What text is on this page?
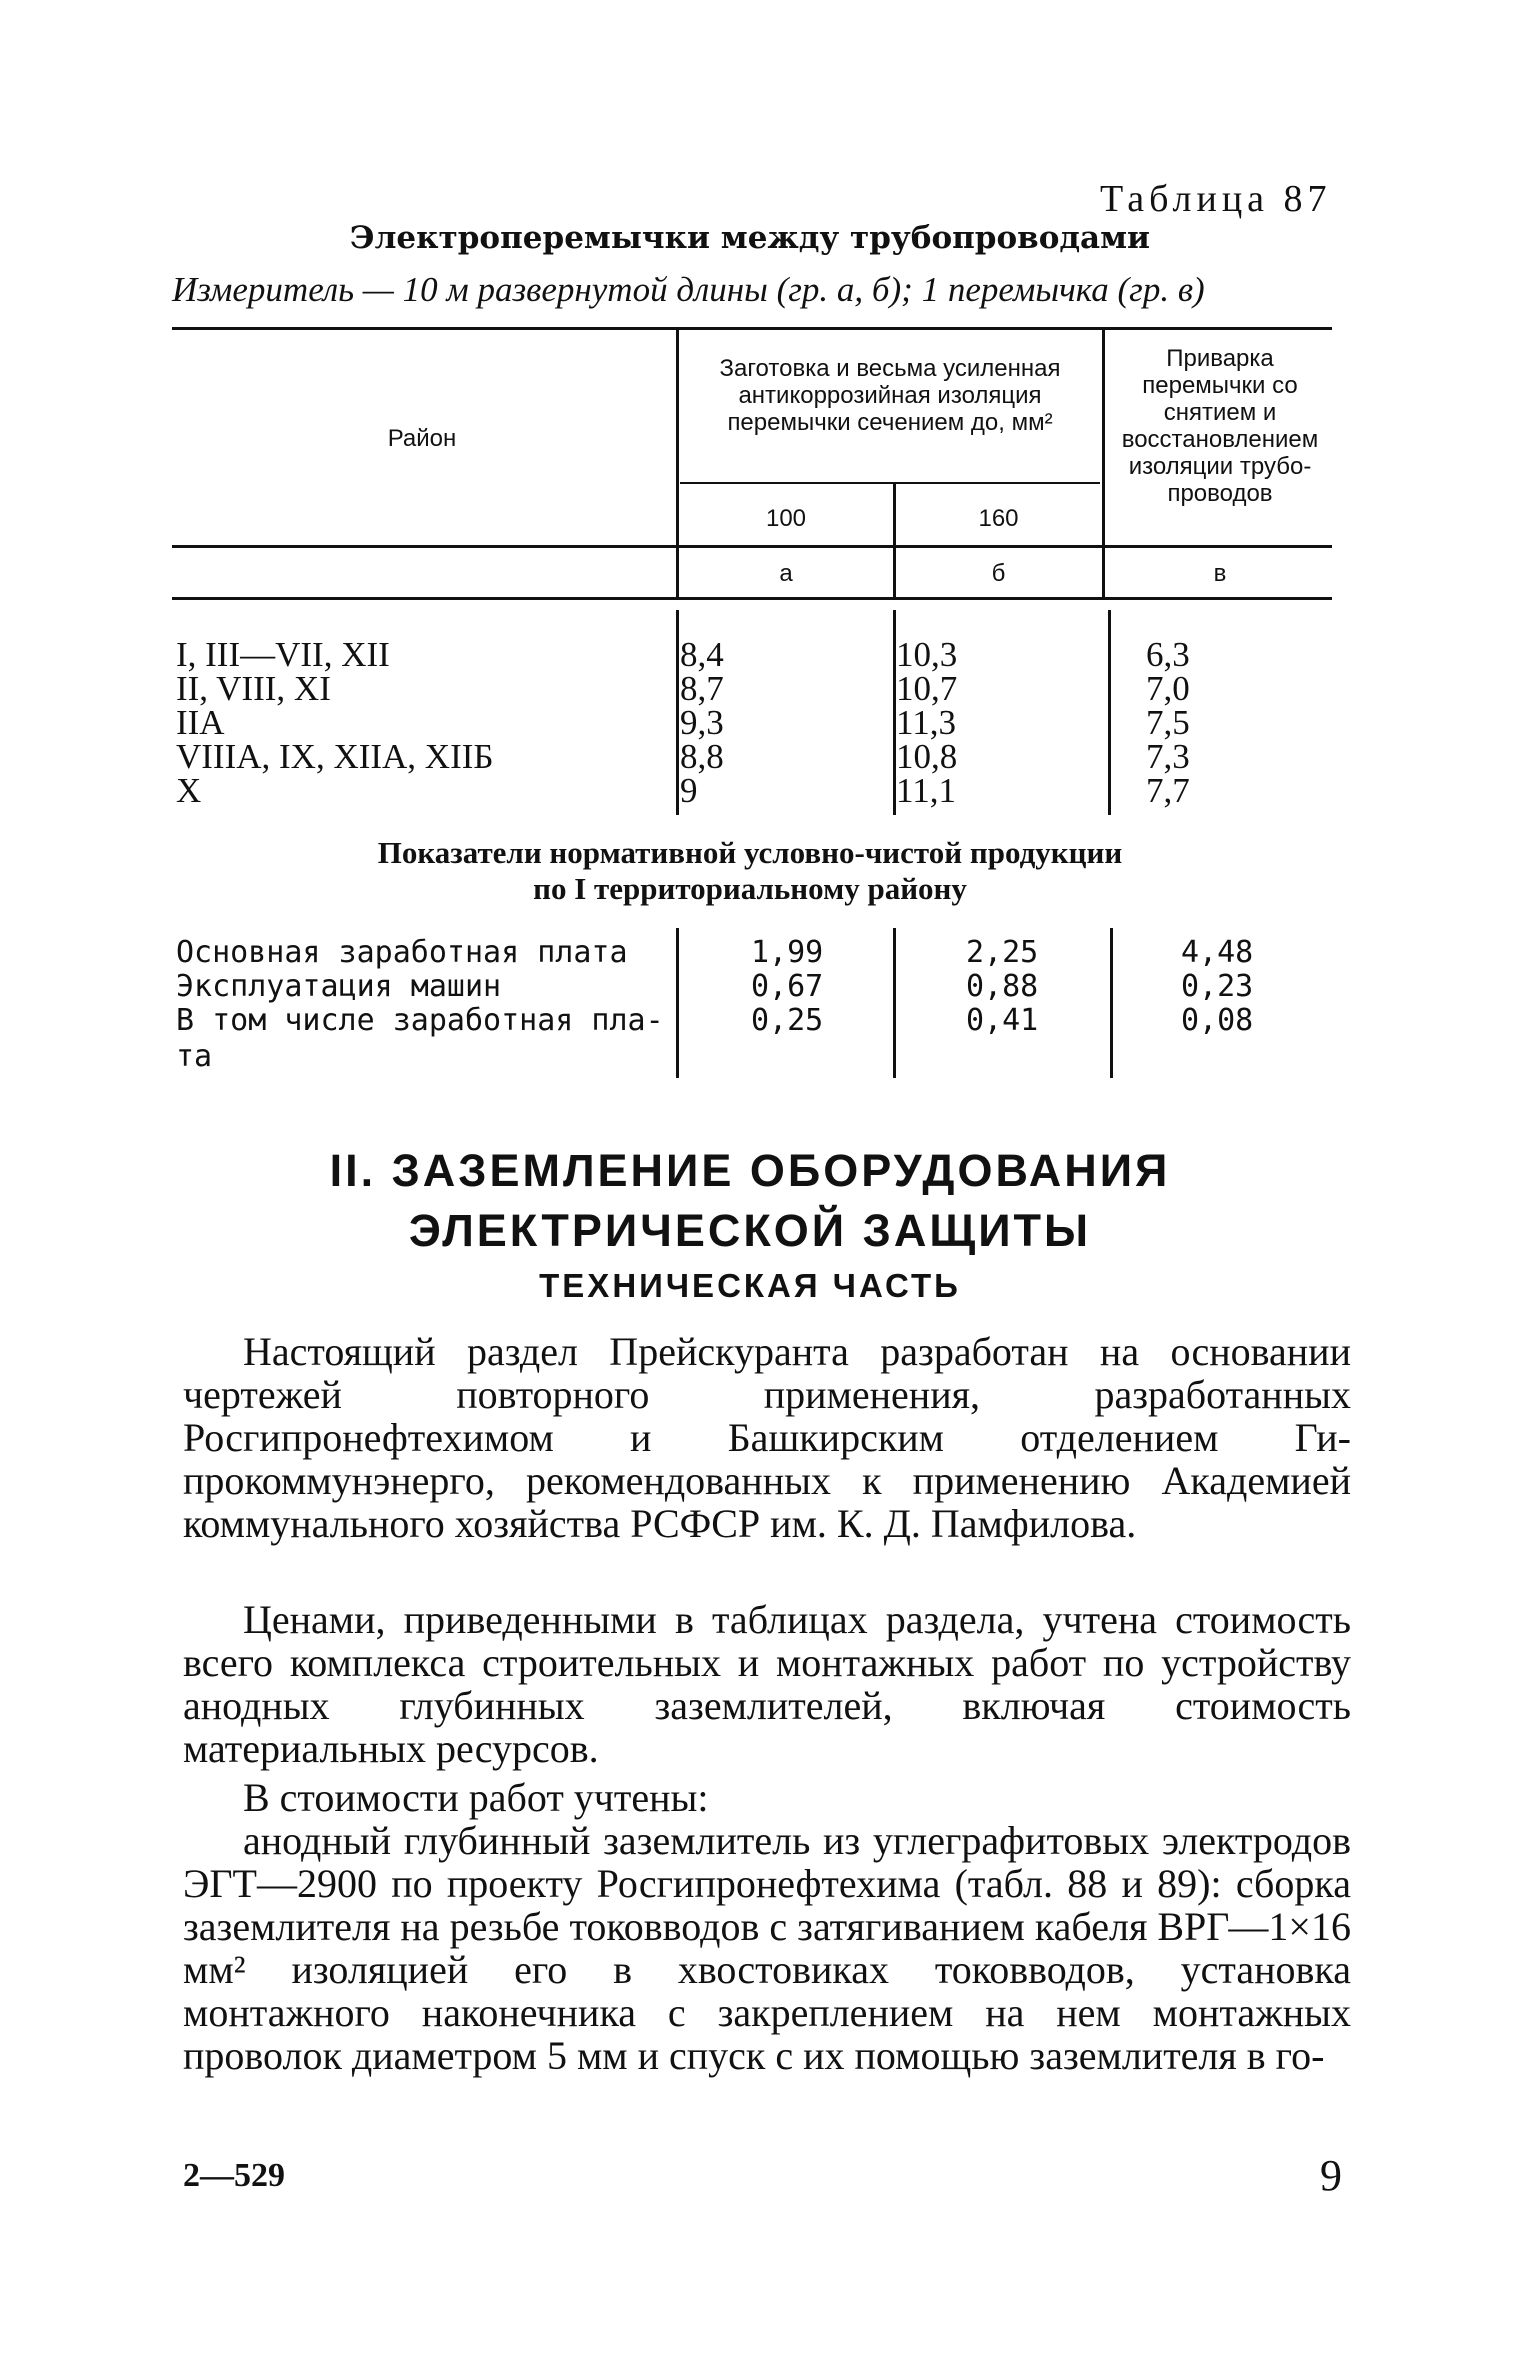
Таблица 87
Электроперемычки между трубопроводами
Измеритель — 10 м развернутой длины (гр. а, б); 1 перемычка (гр. в)
Район
Заготовка и весьма усиленная антикоррозийная изоляция перемычки сечением до, мм²
100	160
Приварка перемычки со снятием и восстановлением изоляции трубопроводов
а	б	в
I, III—VII, XII	8,4	10,3	6,3
II, VIII, XI	8,7	10,7	7,0
IIA	9,3	11,3	7,5
VIIIA, IX, XIIA, XIIБ	8,8	10,8	7,3
X	9	11,1	7,7
Показатели нормативной условно-чистой продукции
по I территориальному району
Основная заработная плата	1,99	2,25	4,48
Эксплуатация машин	0,67	0,88	0,23
В том числе заработная пла-
та
0,25	0,41	0,08
II. ЗАЗЕМЛЕНИЕ ОБОРУДОВАНИЯ
ЭЛЕКТРИЧЕСКОЙ ЗАЩИТЫ
ТЕХНИЧЕСКАЯ ЧАСТЬ
Настоящий раздел Прейскуранта разработан на основании чертежей повторного применения, разработанных Росгипронефтехимом и Башкирским отделением Гипрокоммунэнерго, рекомендованных к применению Академией коммунального хозяйства РСФСР им. К. Д. Памфилова.
Ценами, приведенными в таблицах раздела, учтена стоимость всего комплекса строительных и монтажных работ по устройству анодных глубинных заземлителей, включая стоимость материальных ресурсов.
В стоимости работ учтены:
анодный глубинный заземлитель из углеграфитовых электродов ЭГТ—2900 по проекту Росгипронефтехима (табл. 88 и 89): сборка заземлителя на резьбе токовводов с затягиванием кабеля ВРГ—1×16 мм² изоляцией его в хвостовиках токовводов, установка монтажного наконечника с закреплением на нем монтажных проволок диаметром 5 мм и спуск с их помощью заземлителя в го-
2—529	9
